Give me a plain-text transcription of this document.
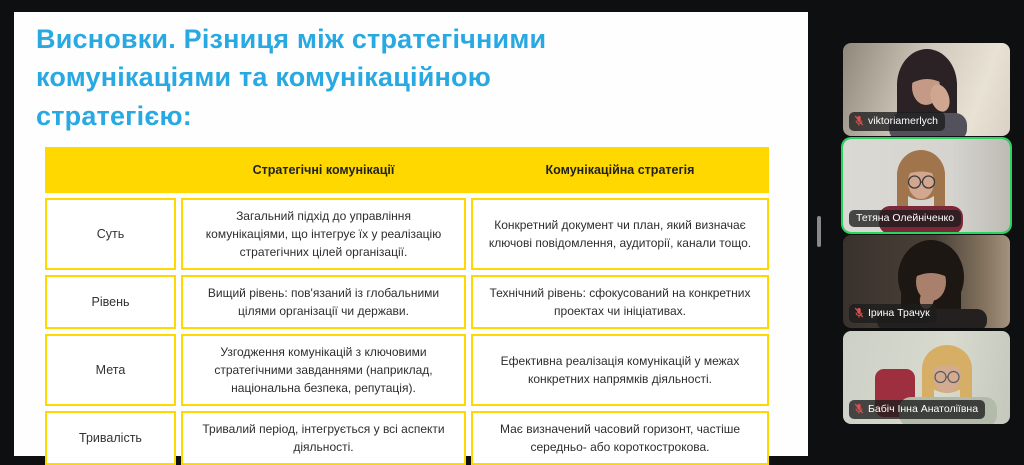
Висновки. Різниця між стратегічними комунікаціями та комунікаційною стратегією:
Стратегічні комунікації	Комунікаційна стратегія
Суть
Загальний підхід до управління комунікаціями, що інтегрує їх у реалізацію стратегічних цілей організації.
Конкретний документ чи план, який визначає ключові повідомлення, аудиторії, канали тощо.
Рівень
Вищий рівень: пов'язаний із глобальними цілями організації чи держави.
Технічний рівень: сфокусований на конкретних проектах чи ініціативах.
Мета
Узгодження комунікацій з ключовими стратегічними завданнями (наприклад, національна безпека, репутація).
Ефективна реалізація комунікацій у межах конкретних напрямків діяльності.
Тривалість
Тривалий період, інтегрується у всі аспекти діяльності.
Має визначений часовий горизонт, частіше середньо- або короткострокова.
viktoriamerlych
Тетяна Олейніченко
Ірина Трачук
Бабіч Інна Анатоліївна
